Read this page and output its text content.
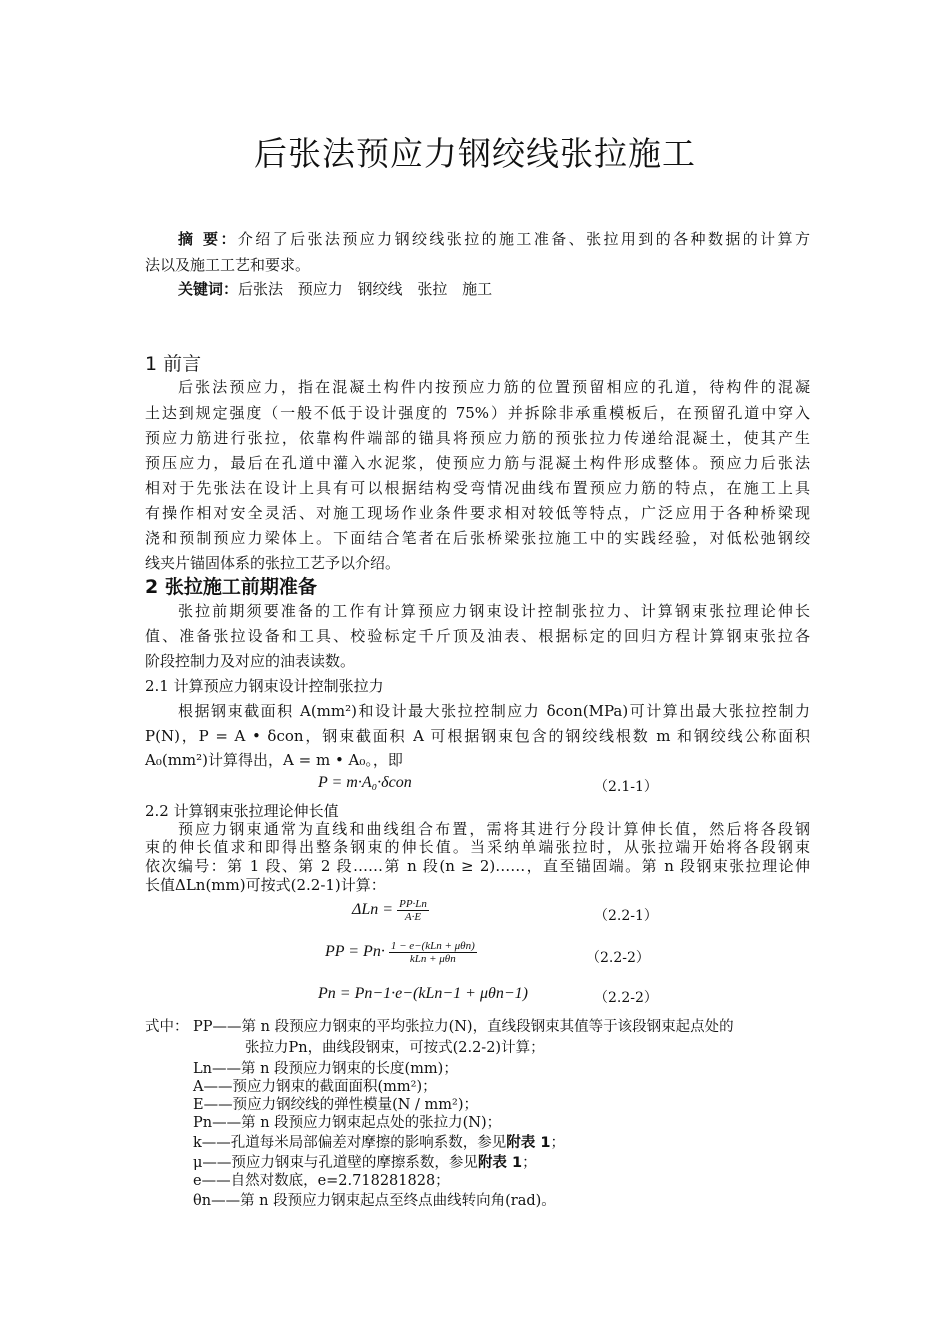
后张法预应力钢绞线张拉施工
摘 要：介绍了后张法预应力钢绞线张拉的施工准备、张拉用到的各种数据的计算方
法以及施工工艺和要求。
关键词：后张法 预应力 钢绞线 张拉 施工
1 前言
后张法预应力，指在混凝土构件内按预应力筋的位置预留相应的孔道，待构件的混凝
土达到规定强度（一般不低于设计强度的 75%）并拆除非承重模板后，在预留孔道中穿入
预应力筋进行张拉，依靠构件端部的锚具将预应力筋的预张拉力传递给混凝土，使其产生
预压应力，最后在孔道中灌入水泥浆，使预应力筋与混凝土构件形成整体。预应力后张法
相对于先张法在设计上具有可以根据结构受弯情况曲线布置预应力筋的特点，在施工上具
有操作相对安全灵活、对施工现场作业条件要求相对较低等特点，广泛应用于各种桥梁现
浇和预制预应力梁体上。下面结合笔者在后张桥梁张拉施工中的实践经验，对低松弛钢绞
线夹片锚固体系的张拉工艺予以介绍。
2 张拉施工前期准备
张拉前期须要准备的工作有计算预应力钢束设计控制张拉力、计算钢束张拉理论伸长
值、准备张拉设备和工具、校验标定千斤顶及油表、根据标定的回归方程计算钢束张拉各
阶段控制力及对应的油表读数。
2.1 计算预应力钢束设计控制张拉力
根据钢束截面积 A(mm²)和设计最大张拉控制应力 δcon(MPa)可计算出最大张拉控制力
P(N)，P = A • δcon，钢束截面积 A 可根据钢束包含的钢绞线根数 m 和钢绞线公称面积
A₀(mm²)计算得出，A = m • A₀。，即
P = m·A₀·δcon	（2.1-1）
2.2 计算钢束张拉理论伸长值
预应力钢束通常为直线和曲线组合布置，需将其进行分段计算伸长值，然后将各段钢
束的伸长值求和即得出整条钢束的伸长值。当采纳单端张拉时，从张拉端开始将各段钢束
依次编号：第 1 段、第 2 段……第 n 段(n ≥ 2)……，直至锚固端。第 n 段钢束张拉理论伸
长值ΔLn(mm)可按式(2.2-1)计算：
$\Delta Ln = \frac{PP\cdot Ln}{A\cdot E}$	（2.2-1）
PP = $Pn\cdot \frac{\text{1 − e−(kLn + μθn)}}{\text{kLn + μθn}}$	（2.2-2）
Pn = Pn−1·e−(kLn−1 + μθn−1)	（2.2-2）
式中： PP——第 n 段预应力钢束的平均张拉力(N)，直线段钢束其值等于该段钢束起点处的
张拉力Pn，曲线段钢束，可按式(2.2-2)计算；
Ln——第 n 段预应力钢束的长度(mm)；
A——预应力钢束的截面面积(mm²)；
E——预应力钢绞线的弹性模量(N / mm²)；
Pn——第 n 段预应力钢束起点处的张拉力(N)；
k——孔道每米局部偏差对摩擦的影响系数，参见附表 1；
μ——预应力钢束与孔道壁的摩擦系数，参见附表 1；
e——自然对数底，e=2.718281828；
θn——第 n 段预应力钢束起点至终点曲线转向角(rad)。
